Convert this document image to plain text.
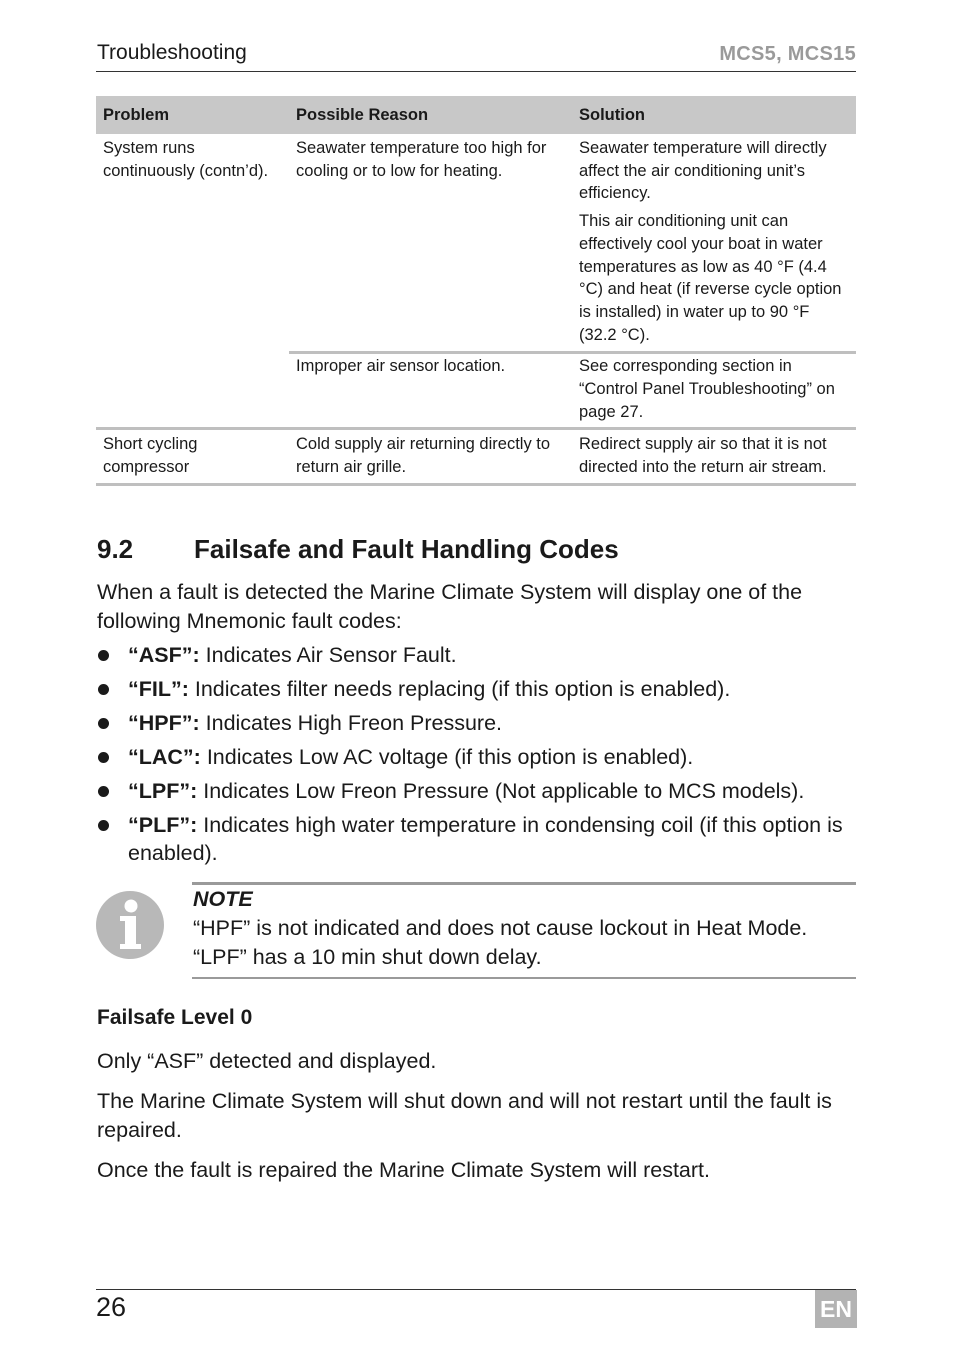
Troubleshooting	MCS5, MCS15
Problem	Possible Reason	Solution
System runs continuously (contn’d).	Seawater temperature too high for cooling or to low for heating.	Seawater temperature will directly affect the air conditioning unit’s efficiency.

This air conditioning unit can effectively cool your boat in water temperatures as low as 40 °F (4.4 °C) and heat (if reverse cycle option is installed) in water up to 90 °F (32.2 °C).

	Improper air sensor location.	See corresponding section in “Control Panel Troubleshooting” on page 27.
Short cycling compressor	Cold supply air returning directly to return air grille.	Redirect supply air so that it is not directed into the return air stream.
9.2 Failsafe and Fault Handling Codes

When a fault is detected the Marine Climate System will display one of the following Mnemonic fault codes:

“ASF”: Indicates Air Sensor Fault.
“FIL”: Indicates filter needs replacing (if this option is enabled).
“HPF”: Indicates High Freon Pressure.
“LAC”: Indicates Low AC voltage (if this option is enabled).
“LPF”: Indicates Low Freon Pressure (Not applicable to MCS models).
“PLF”: Indicates high water temperature in condensing coil (if this option is enabled).
NOTE
“HPF” is not indicated and does not cause lockout in Heat Mode.
“LPF” has a 10 min shut down delay.
Failsafe Level 0

Only “ASF” detected and displayed.

The Marine Climate System will shut down and will not restart until the fault is repaired.

Once the fault is repaired the Marine Climate System will restart.

26	EN
